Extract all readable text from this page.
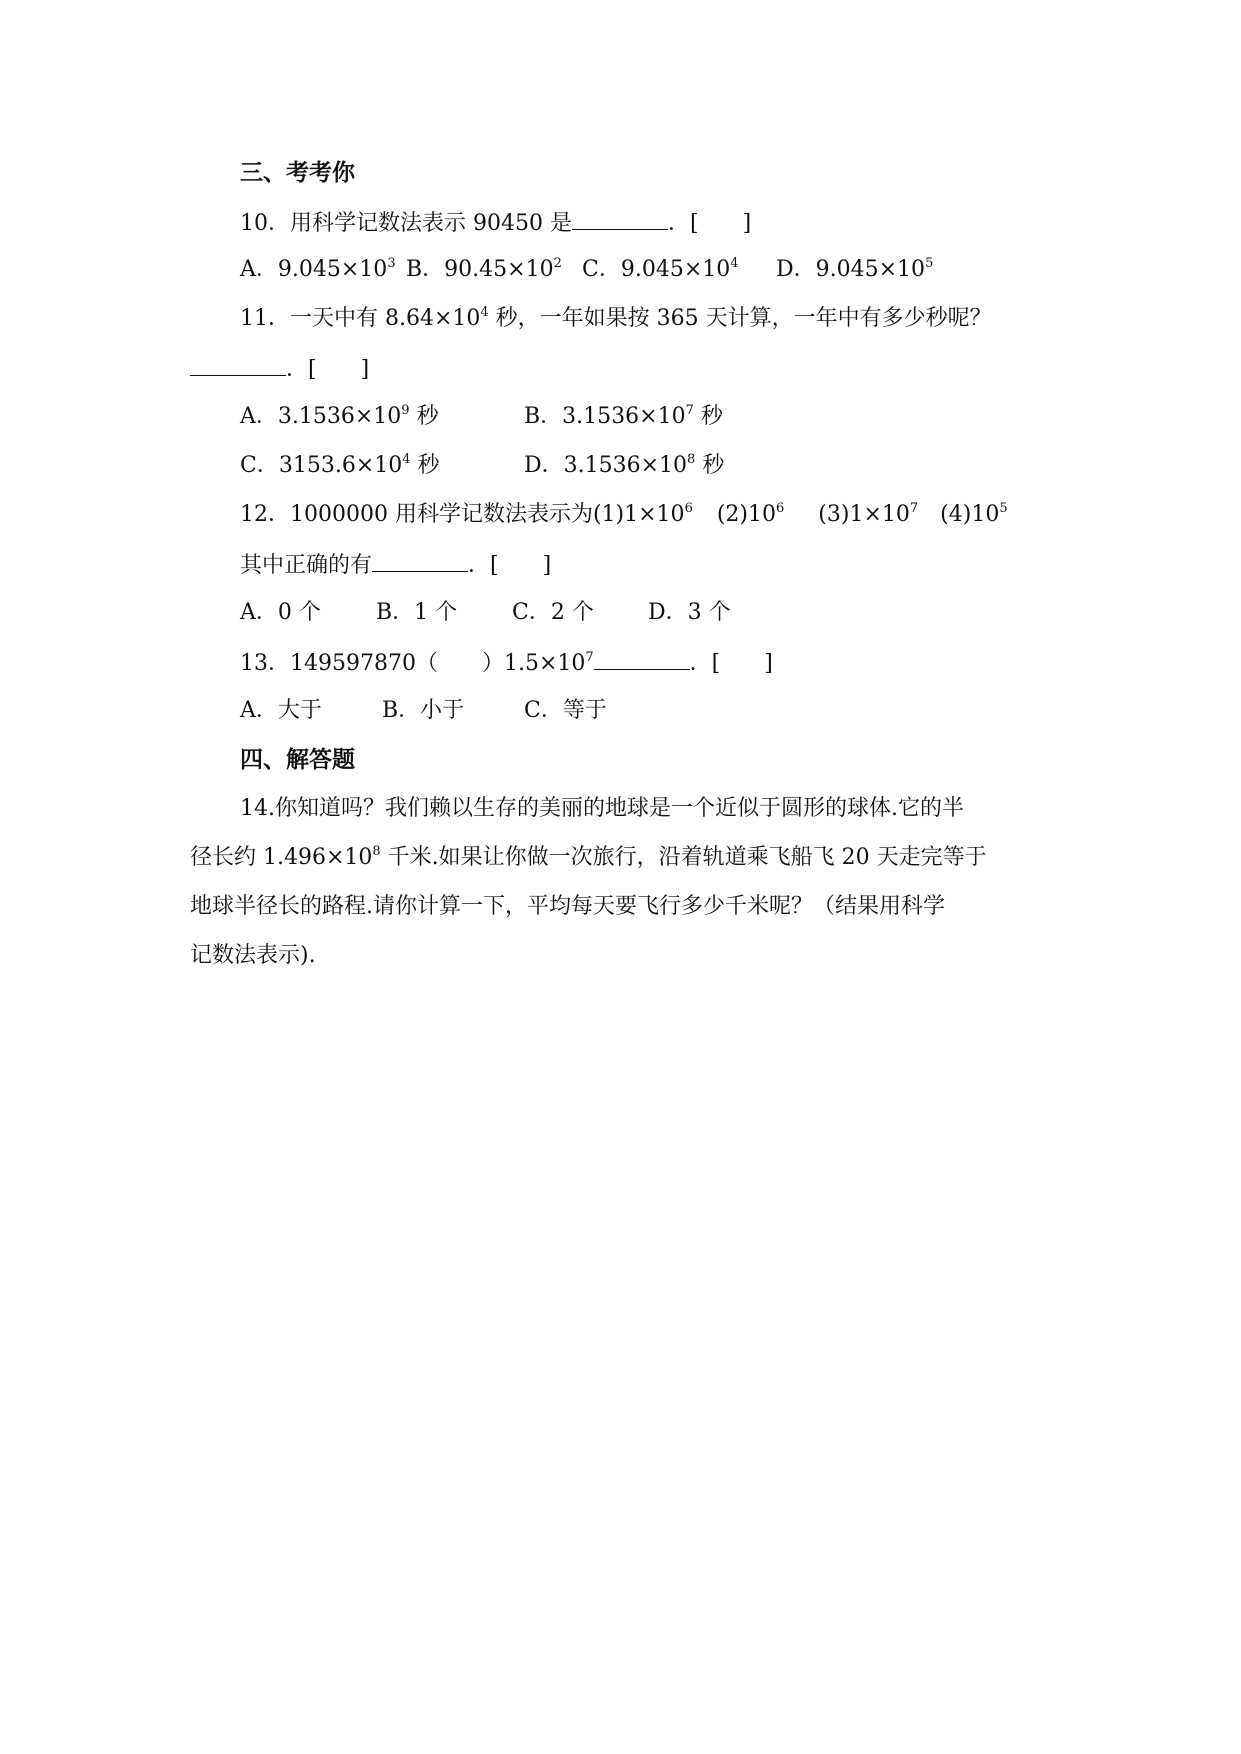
三、考考你
10．用科学记数法表示 90450 是	．[ ]
A．$9.045\times 10^3$ B．$90.45\times 10^2$ C．$9.045\times 10^4$ D．$9.045\times 10^5$
11．一天中有 $8.64\times 10^4$ 秒，一年如果按 365 天计算，一年中有多少秒呢？
．[ ]
A．$3.1536\times 10^9$ 秒	B．$3.1536\times 10^7$ 秒
C．$3153.6\times 10^4$ 秒	D．$3.1536\times 10^8$ 秒
12．1000000 用科学记数法表示为$(1)1\times 10^6$ $(2)10^6$ $(3)1\times 10^7$ $(4)10^5$
其中正确的有	．[ ]
A．0 个	B．1 个 C．2 个 D．3 个
13．149597870（ ）$1.5\times 10^7$	．[ ]
A．大于	B．小于	C．等于
四、解答题
14.你知道吗？我们赖以生存的美丽的地球是一个近似于圆形的球体.它的半
径长约 $1.496\times 10^8$ 千米.如果让你做一次旅行，沿着轨道乘飞船飞 20 天走完等于
地球半径长的路程.请你计算一下，平均每天要飞行多少千米呢？（结果用科学
记数法表示).
